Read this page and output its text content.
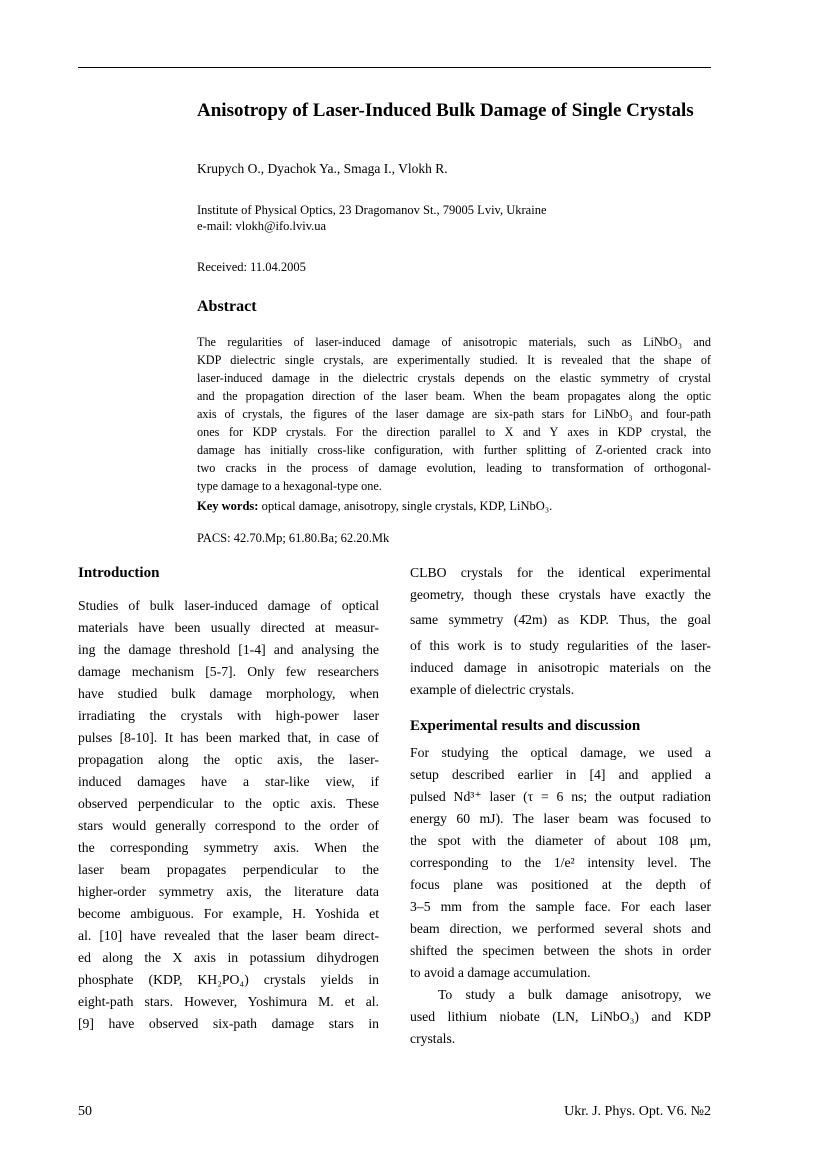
Anisotropy of Laser-Induced Bulk Damage of Single Crystals
Krupych O., Dyachok Ya., Smaga I., Vlokh R.
Institute of Physical Optics, 23 Dragomanov St., 79005 Lviv, Ukraine
e-mail: vlokh@ifo.lviv.ua
Received: 11.04.2005
Abstract
The regularities of laser-induced damage of anisotropic materials, such as LiNbO₃ and
KDP dielectric single crystals, are experimentally studied. It is revealed that the shape of
laser-induced damage in the dielectric crystals depends on the elastic symmetry of crystal
and the propagation direction of the laser beam. When the beam propagates along the optic
axis of crystals, the figures of the laser damage are six-path stars for LiNbO₃ and four-path
ones for KDP crystals. For the direction parallel to X and Y axes in KDP crystal, the
damage has initially cross-like configuration, with further splitting of Z-oriented crack into
two cracks in the process of damage evolution, leading to transformation of orthogonal-
type damage to a hexagonal-type one.
Key words: optical damage, anisotropy, single crystals, KDP, LiNbO₃.
PACS: 42.70.Mp; 61.80.Ba; 62.20.Mk
Introduction
Studies of bulk laser-induced damage of optical
materials have been usually directed at measur-
ing the damage threshold [1-4] and analysing the
damage mechanism [5-7]. Only few researchers
have studied bulk damage morphology, when
irradiating the crystals with high-power laser
pulses [8-10]. It has been marked that, in case of
propagation along the optic axis, the laser-
induced damages have a star-like view, if
observed perpendicular to the optic axis. These
stars would generally correspond to the order of
the corresponding symmetry axis. When the
laser beam propagates perpendicular to the
higher-order symmetry axis, the literature data
become ambiguous. For example, H. Yoshida et
al. [10] have revealed that the laser beam direct-
ed along the X axis in potassium dihydrogen
phosphate (KDP, KH₂PO₄) crystals yields in
eight-path stars. However, Yoshimura M. et al.
[9] have observed six-path damage stars in
CLBO crystals for the identical experimental
geometry, though these crystals have exactly the
same symmetry (4̄2m) as KDP. Thus, the goal
of this work is to study regularities of the laser-
induced damage in anisotropic materials on the
example of dielectric crystals.
Experimental results and discussion
For studying the optical damage, we used a
setup described earlier in [4] and applied a
pulsed Nd³⁺ laser (τ = 6 ns; the output radiation
energy 60 mJ). The laser beam was focused to
the spot with the diameter of about 108 μm,
corresponding to the 1/e² intensity level. The
focus plane was positioned at the depth of
3–5 mm from the sample face. For each laser
beam direction, we performed several shots and
shifted the specimen between the shots in order
to avoid a damage accumulation.
To study a bulk damage anisotropy, we
used lithium niobate (LN, LiNbO₃) and KDP
crystals.
50	Ukr. J. Phys. Opt. V6. №2
